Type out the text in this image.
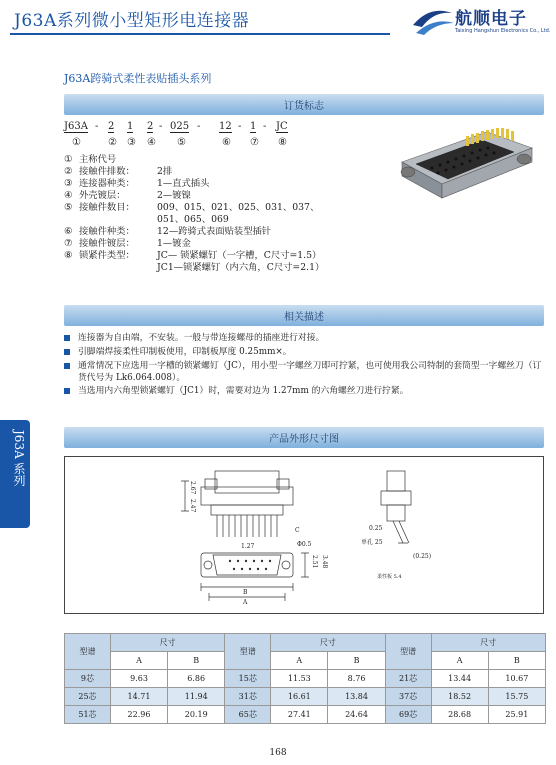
J63A系列微小型矩形电连接器	航顺电子
Taixing Hangshun Electronics Co., Ltd.
J63A跨骑式柔性表贴插头系列
订货标志
J63A - 2 1 2 - 025 - 12 - 1 - JC
①	② ③ ④ ⑤	⑥ ⑦ ⑧
① 主称代号
② 接触件排数： 2排
③ 连接器种类： 1—直式插头
④ 外壳镀层：	2—镀镍
⑤ 接触件数目： 009、015、021、025、031、037、
051、065、069
⑥ 接触件种类： 12—跨骑式表面贴装型插针
⑦ 接触件镀层： 1—镀金
⑧ 锁紧件类型： JC— 锁紧螺钉（一字槽，C尺寸=1.5）
JC1—锁紧螺钉（内六角，C尺寸=2.1）
相关描述
连接器为自由端，不安装。一般与带连接螺母的插座进行对接。
引脚端焊接柔性印制板使用，印制板厚度 0.25mm×。
通常情况下应选用一字槽的锁紧螺钉（JC），用小型一字螺丝刀即可拧紧，也可使用我公司特制的套筒型一字螺丝刀（订货代号为 Lk6.064.008）。
当选用内六角型锁紧螺钉（JC1）时，需要对边为 1.27mm 的六角螺丝刀进行拧紧。
J63A 系列	产品外形尺寸图
2.67
2.47
Φ0.5
C
1.27
B
A
2.51 3.48
0.25
单孔 25
(0.25)
柔性板 5.4
型谱	尺寸		型谱	尺寸		型谱	尺寸	
	A	B		A	B		A	B
9芯	9.63	6.86	15芯	11.53	8.76	21芯	13.44	10.67
25芯	14.71	11.94	31芯	16.61	13.84	37芯	18.52	15.75
51芯	22.96	20.19	65芯	27.41	24.64	69芯	28.68	25.91
168
